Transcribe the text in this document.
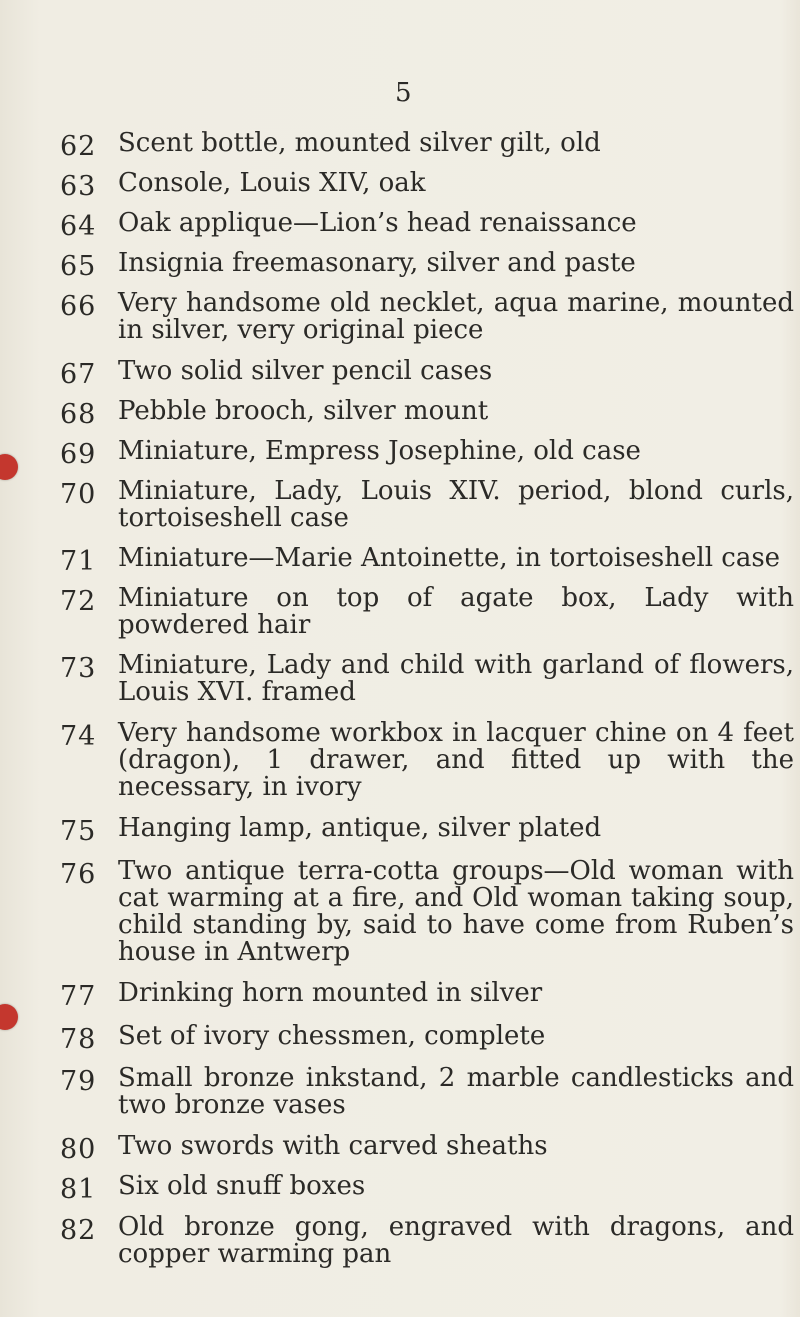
5
62 Scent bottle, mounted silver gilt, old
63 Console, Louis XIV, oak
64 Oak applique—Lion’s head renaissance
65 Insignia freemasonary, silver and paste
66 Very handsome old necklet, aqua marine, mounted in silver, very original piece
67 Two solid silver pencil cases
68 Pebble brooch, silver mount
69 Miniature, Empress Josephine, old case
70 Miniature, Lady, Louis XIV. period, blond curls, tortoiseshell case
71 Miniature—Marie Antoinette, in tortoiseshell case
72 Miniature on top of agate box, Lady with powdered hair
73 Miniature, Lady and child with garland of flowers, Louis XVI. framed
74 Very handsome workbox in lacquer chine on 4 feet (dragon), 1 drawer, and fitted up with the necessary, in ivory
75 Hanging lamp, antique, silver plated
76 Two antique terra-cotta groups—Old woman with cat warming at a fire, and Old woman taking soup, child standing by, said to have come from Ruben’s house in Antwerp
77 Drinking horn mounted in silver
78 Set of ivory chessmen, complete
79 Small bronze inkstand, 2 marble candlesticks and two bronze vases
80 Two swords with carved sheaths
81 Six old snuff boxes
82 Old bronze gong, engraved with dragons, and copper warming pan
